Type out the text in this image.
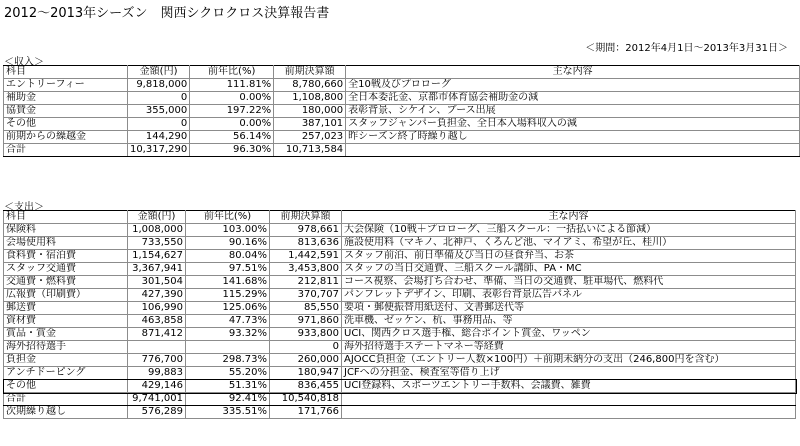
2012～2013年シーズン　関西シクロクロス決算報告書
＜期間：2012年4月1日～2013年3月31日＞
＜収入＞
科目	金額(円)	前年比(%)	前期決算額	主な内容
エントリーフィー	9,818,000	111.81%	8,780,660	全10戦及びプロローグ
補助金	0	0.00%	1,108,800	全日本委託金、京都市体育協会補助金の減
協賛金	355,000	197.22%	180,000	表彰背景、シケイン、ブース出展
その他	0	0.00%	387,101	スタッフジャンパー負担金、全日本入場料収入の減
前期からの繰越金	144,290	56.14%	257,023	昨シーズン終了時繰り越し
合計	10,317,290	96.30%	10,713,584	
＜支出＞
科目	金額(円)	前年比(%)	前期決算額	主な内容
保険料	1,008,000	103.00%	978,661	大会保険（10戦＋プロローグ、三船スクール：一括払いによる節減）
会場使用料	733,550	90.16%	813,636	施設使用料（マキノ、北神戸、くろんど池、マイアミ、希望が丘、桂川）
食料費・宿泊費	1,154,627	80.04%	1,442,591	スタッフ前泊、前日準備及び当日の昼食弁当、お茶
スタッフ交通費	3,367,941	97.51%	3,453,800	スタッフの当日交通費、三船スクール講師、PA・MC
交通費・燃料費	301,504	141.68%	212,811	コース視察、会場打ち合わせ、準備、当日の交通費、駐車場代、燃料代
広報費（印刷費）	427,390	115.29%	370,707	パンフレットデザイン、印刷、表彰台背景広告パネル
郵送費	106,990	125.06%	85,550	要項・郵便振替用紙送付、文書郵送代等
資材費	463,858	47.73%	971,860	洗車機、ゼッケン、杭、事務用品、等
賞品・賞金	871,412	93.32%	933,800	UCI、関西クロス選手権、総合ポイント賞金、ワッペン
海外招待選手			0	海外招待選手ステートマネー等経費
負担金	776,700	298.73%	260,000	AJOCC負担金（エントリー人数×100円）＋前期未納分の支出（246,800円を含む）
アンチドーピング	99,883	55.20%	180,947	JCFへの分担金、検査室等借り上げ
その他	429,146	51.31%	836,455	UCI登録料、スポーツエントリー手数料、会議費、雑費
合計	9,741,001	92.41%	10,540,818	
次期繰り越し	576,289	335.51%	171,766	
